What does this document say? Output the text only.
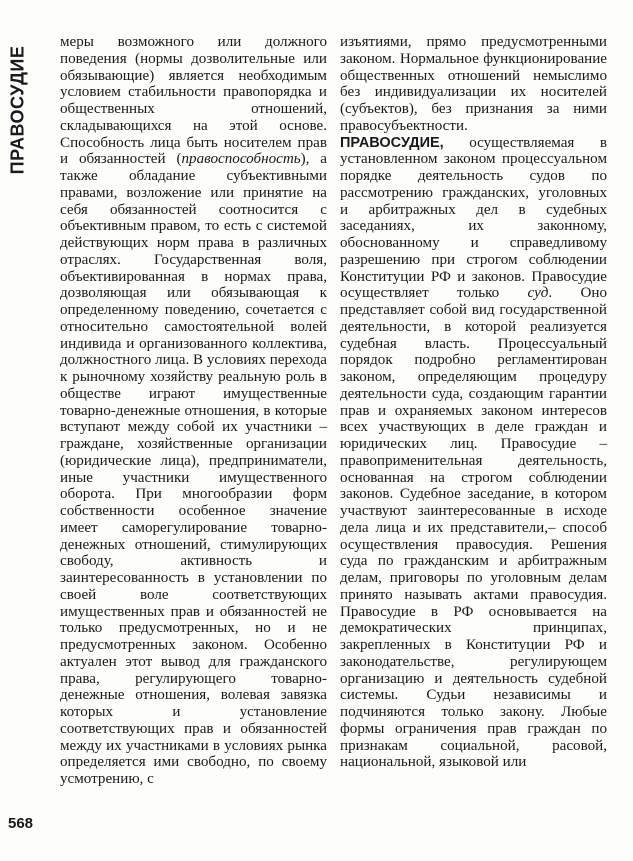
ПРАВОСУДИЕ

меры возможного или должного поведения (нормы дозволительные или обязывающие) является необходимым условием стабильности правопорядка и общественных отношений, складывающихся на этой основе. Способность лица быть носителем прав и обязанностей (правоспособность), а также обладание субъективными правами, возложение или принятие на себя обязанностей соотносится с объективным правом, то есть с системой действующих норм права в различных отраслях. Государственная воля, объективированная в нормах права, дозволяющая или обязывающая к определенному поведению, сочетается с относительно самостоятельной волей индивида и организованного коллектива, должностного лица. В условиях перехода к рыночному хозяйству реальную роль в обществе играют имущественные товарно-денежные отношения, в которые вступают между собой их участники – граждане, хозяйственные организации (юридические лица), предприниматели, иные участники имущественного оборота. При многообразии форм собственности особенное значение имеет саморегулирование товарно-денежных отношений, стимулирующих свободу, активность и заинтересованность в установлении по своей воле соответствующих имущественных прав и обязанностей не только предусмотренных, но и не предусмотренных законом. Особенно актуален этот вывод для гражданского права, регулирующего товарно-денежные отношения, волевая завязка которых и установление соответствующих прав и обязанностей между их участниками в условиях рынка определяется ими свободно, по своему усмотрению, с

изъятиями, прямо предусмотренными законом. Нормальное функционирование общественных отношений немыслимо без индивидуализации их носителей (субъектов), без признания за ними правосубъектности.

ПРАВОСУДИЕ, осуществляемая в установленном законом процессуальном порядке деятельность судов по рассмотрению гражданских, уголовных и арбитражных дел в судебных заседаниях, их законному, обоснованному и справедливому разрешению при строгом соблюдении Конституции РФ и законов. Правосудие осуществляет только суд. Оно представляет собой вид государственной деятельности, в которой реализуется судебная власть. Процессуальный порядок подробно регламентирован законом, определяющим процедуру деятельности суда, создающим гарантии прав и охраняемых законом интересов всех участвующих в деле граждан и юридических лиц. Правосудие – правоприменительная деятельность, основанная на строгом соблюдении законов. Судебное заседание, в котором участвуют заинтересованные в исходе дела лица и их представители,– способ осуществления правосудия. Решения суда по гражданским и арбитражным делам, приговоры по уголовным делам принято называть актами правосудия. Правосудие в РФ основывается на демократических принципах, закрепленных в Конституции РФ и законодательстве, регулирующем организацию и деятельность судебной системы. Судьи независимы и подчиняются только закону. Любые формы ограничения прав граждан по признакам социальной, расовой, национальной, языковой или

568
